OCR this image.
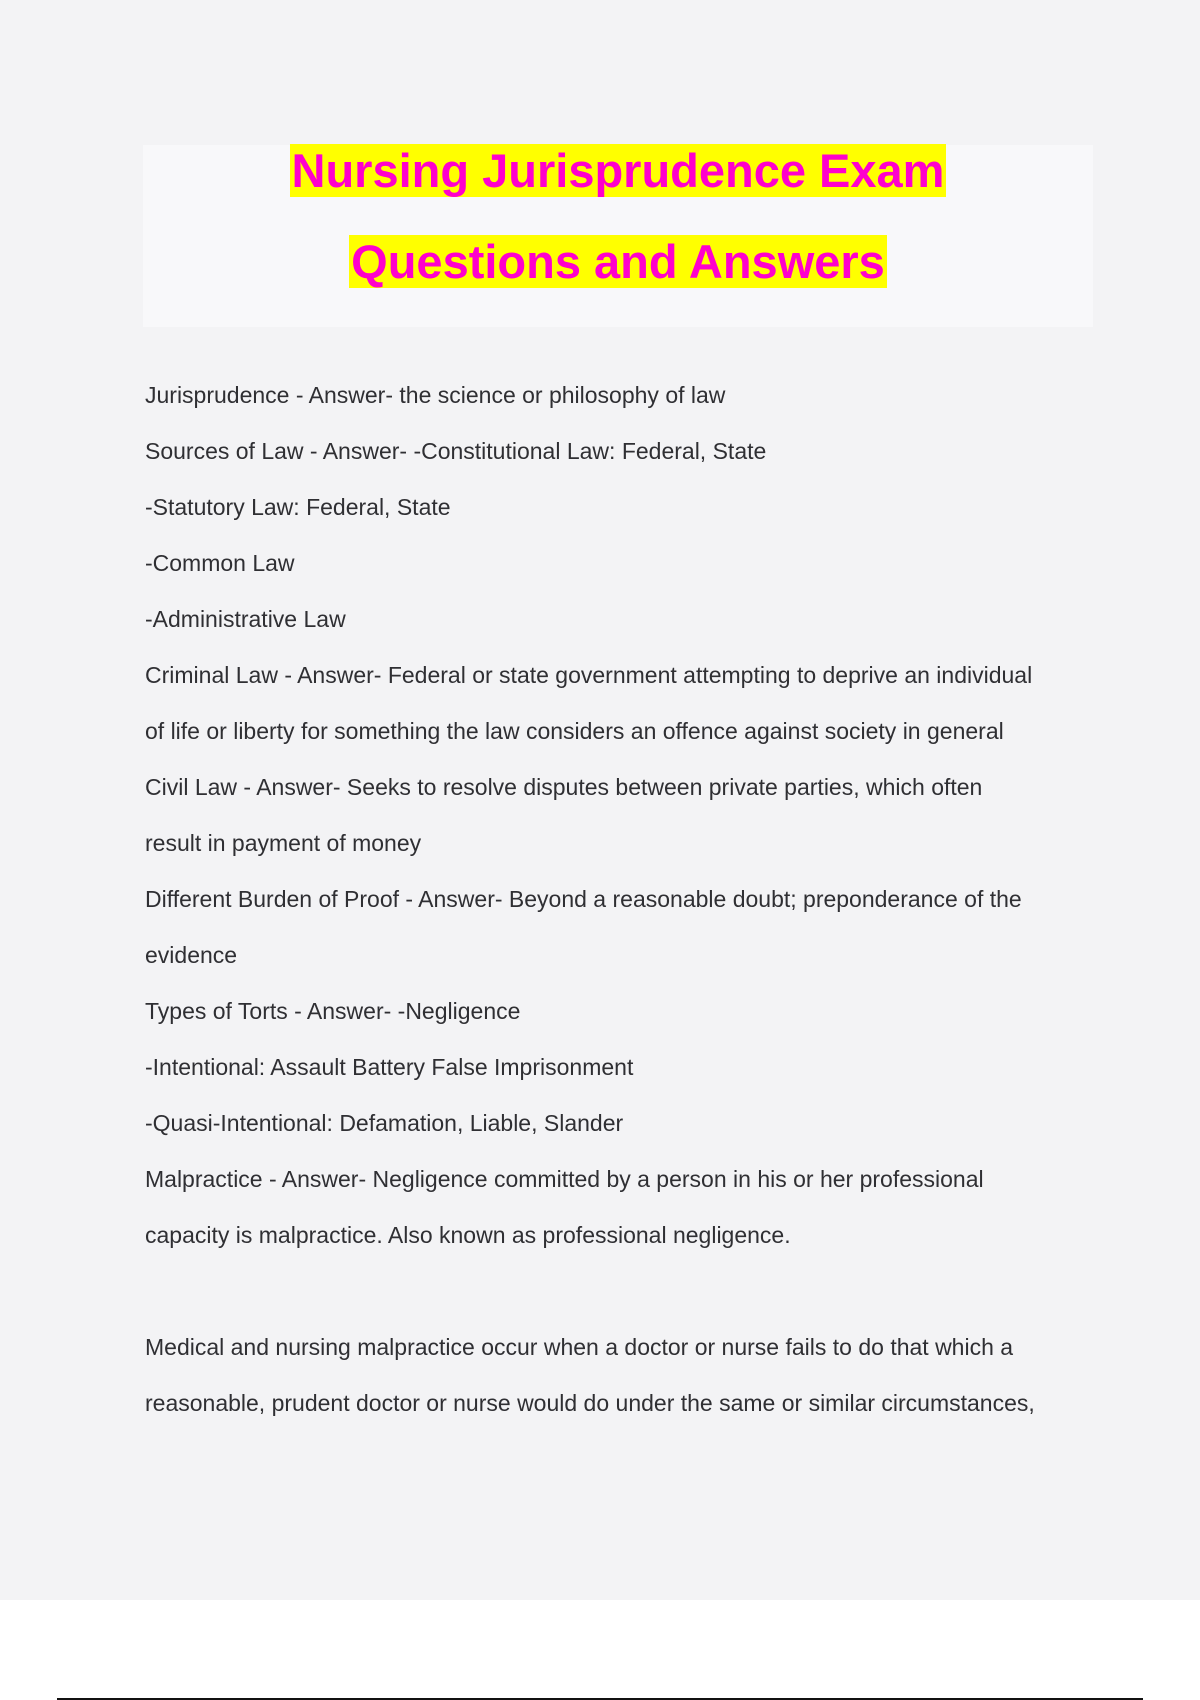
Nursing Jurisprudence Exam
Questions and Answers
Jurisprudence - Answer- the science or philosophy of law
Sources of Law - Answer- -Constitutional Law: Federal, State
-Statutory Law: Federal, State
-Common Law
-Administrative Law
Criminal Law - Answer- Federal or state government attempting to deprive an individual
of life or liberty for something the law considers an offence against society in general
Civil Law - Answer- Seeks to resolve disputes between private parties, which often
result in payment of money
Different Burden of Proof - Answer- Beyond a reasonable doubt; preponderance of the
evidence
Types of Torts - Answer- -Negligence
-Intentional: Assault Battery False Imprisonment
-Quasi-Intentional: Defamation, Liable, Slander
Malpractice - Answer- Negligence committed by a person in his or her professional
capacity is malpractice. Also known as professional negligence.
Medical and nursing malpractice occur when a doctor or nurse fails to do that which a
reasonable, prudent doctor or nurse would do under the same or similar circumstances,
